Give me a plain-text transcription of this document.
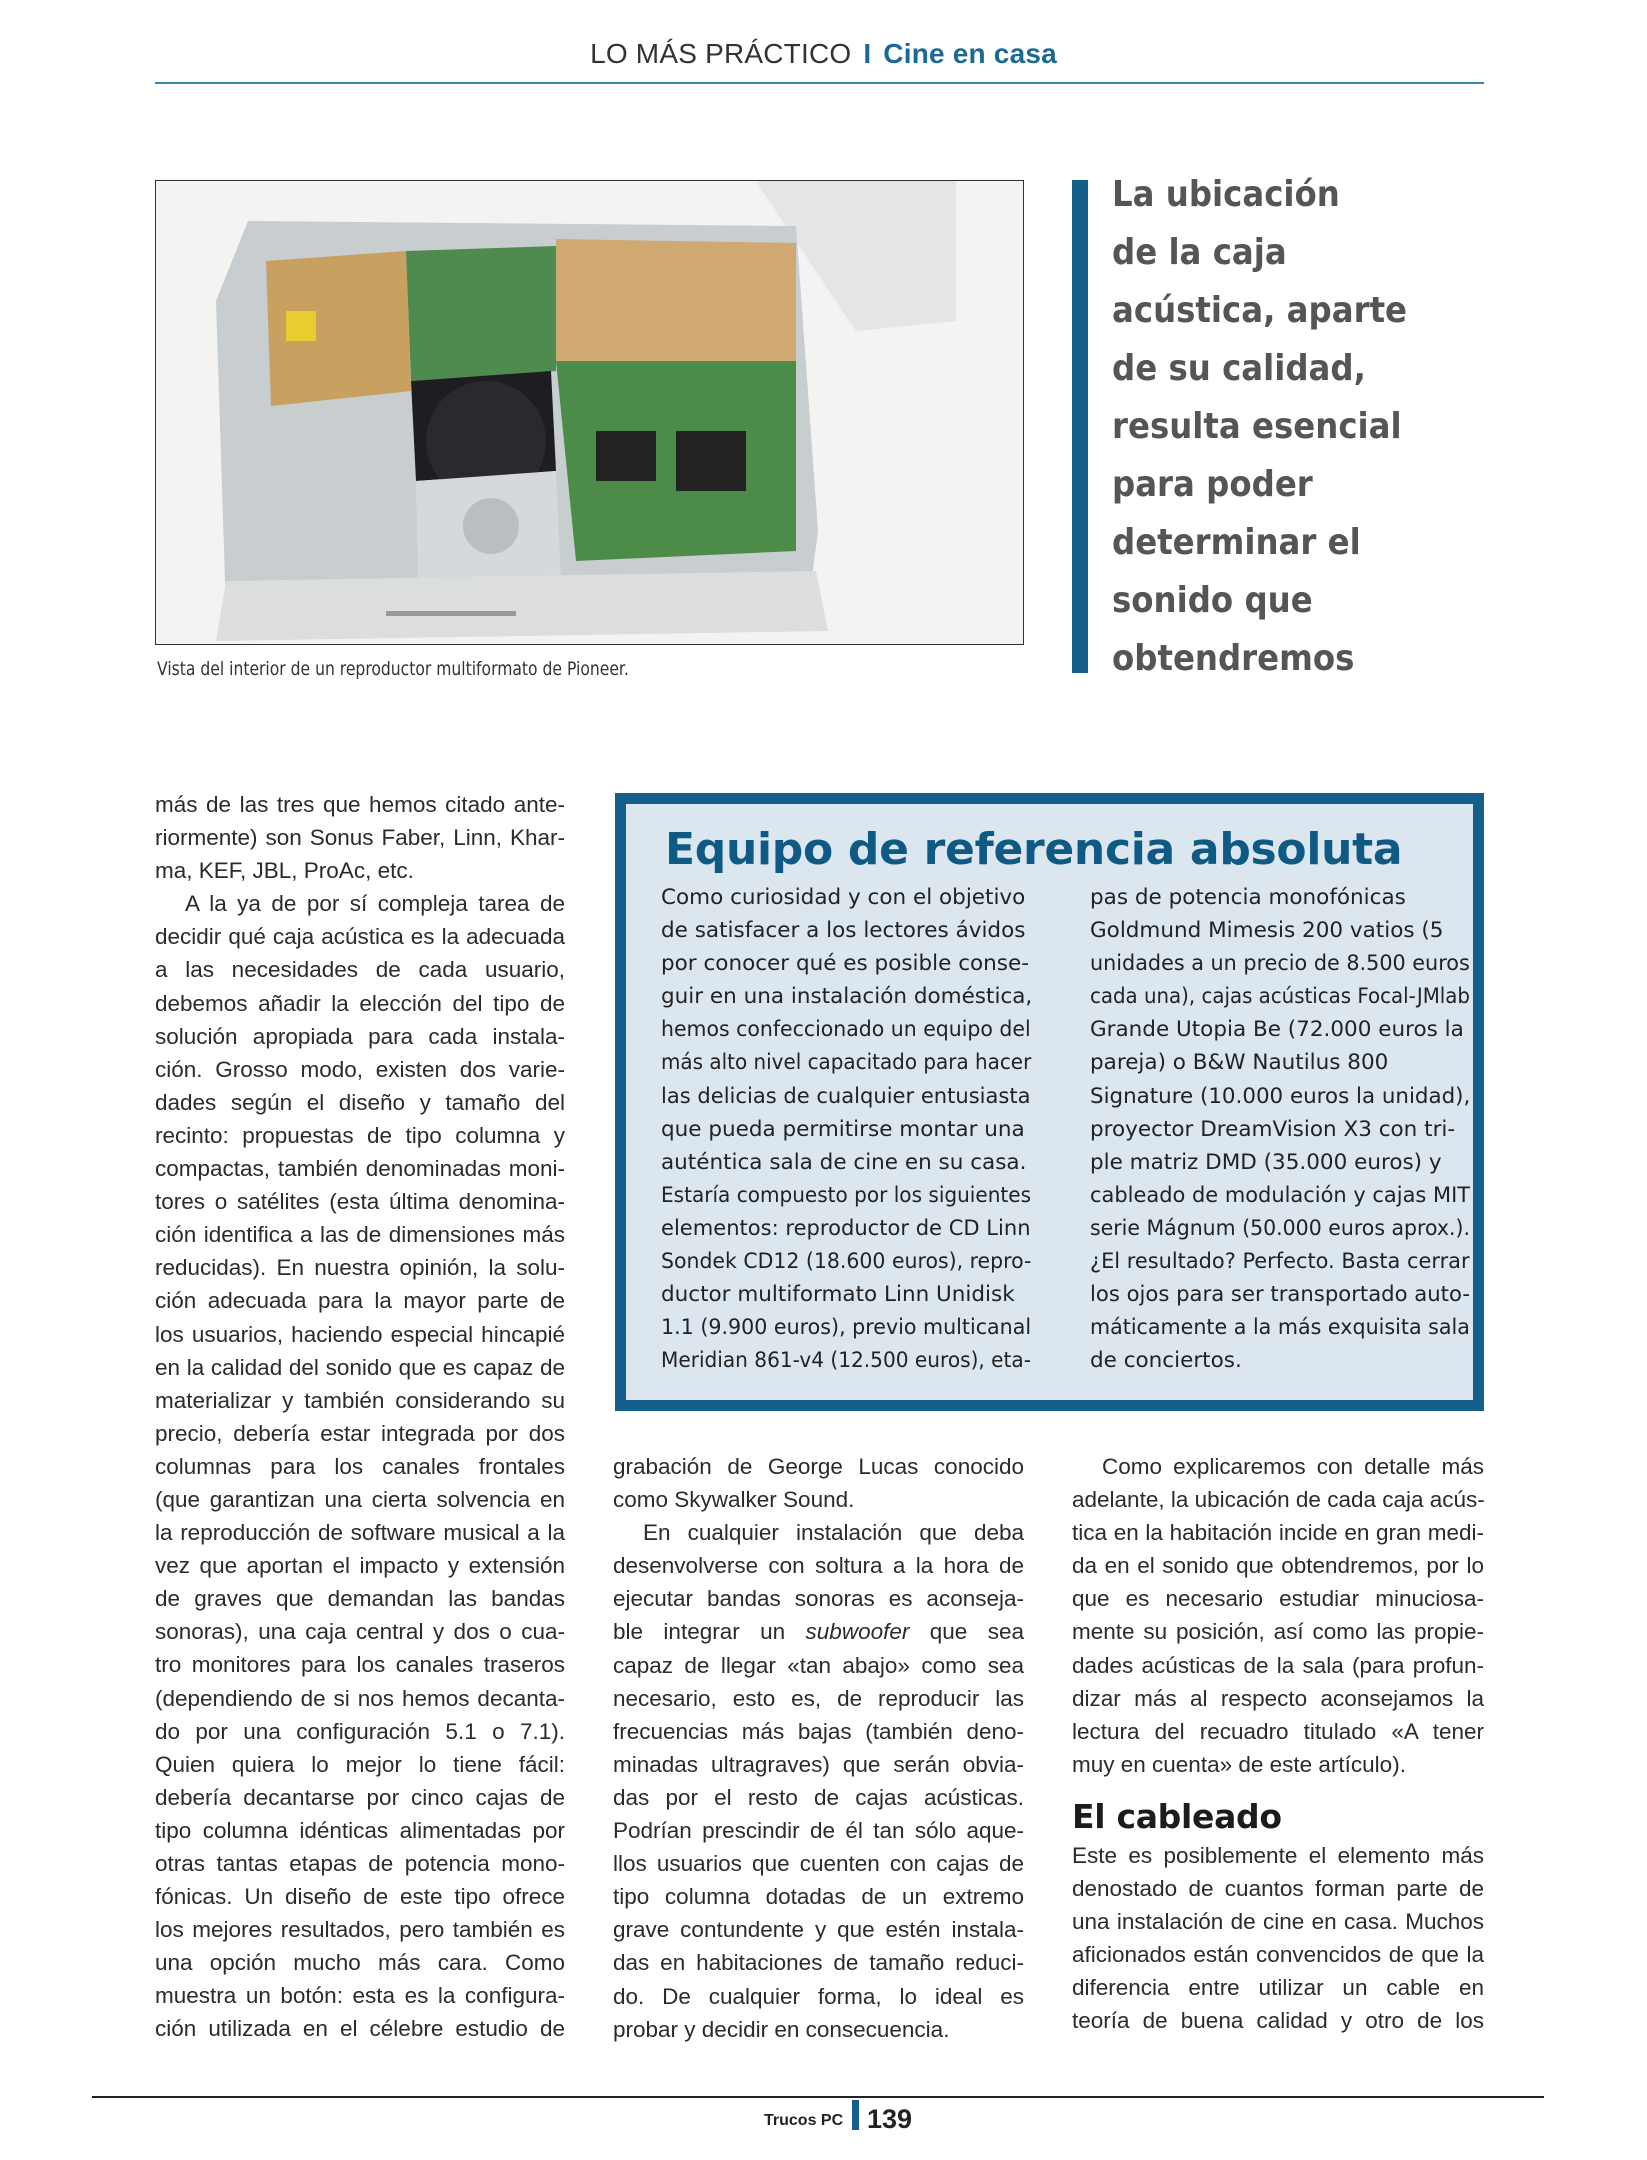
LO MÁS PRÁCTICO I Cine en casa
Vista del interior de un reproductor multiformato de Pioneer.
La ubicación
de la caja
acústica, aparte
de su calidad,
resulta esencial
para poder
determinar el
sonido que
obtendremos
más de las tres que hemos citado ante-
riormente) son Sonus Faber, Linn, Khar-
ma, KEF, JBL, ProAc, etc.
A la ya de por sí compleja tarea de
decidir qué caja acústica es la adecuada
a las necesidades de cada usuario,
debemos añadir la elección del tipo de
solución apropiada para cada instala-
ción. Grosso modo, existen dos varie-
dades según el diseño y tamaño del
recinto: propuestas de tipo columna y
compactas, también denominadas moni-
tores o satélites (esta última denomina-
ción identifica a las de dimensiones más
reducidas). En nuestra opinión, la solu-
ción adecuada para la mayor parte de
los usuarios, haciendo especial hincapié
en la calidad del sonido que es capaz de
materializar y también considerando su
precio, debería estar integrada por dos
columnas para los canales frontales
(que garantizan una cierta solvencia en
la reproducción de software musical a la
vez que aportan el impacto y extensión
de graves que demandan las bandas
sonoras), una caja central y dos o cua-
tro monitores para los canales traseros
(dependiendo de si nos hemos decanta-
do por una configuración 5.1 o 7.1).
Quien quiera lo mejor lo tiene fácil:
debería decantarse por cinco cajas de
tipo columna idénticas alimentadas por
otras tantas etapas de potencia mono-
fónicas. Un diseño de este tipo ofrece
los mejores resultados, pero también es
una opción mucho más cara. Como
muestra un botón: esta es la configura-
ción utilizada en el célebre estudio de
grabación de George Lucas conocido
como Skywalker Sound.
En cualquier instalación que deba
desenvolverse con soltura a la hora de
ejecutar bandas sonoras es aconseja-
ble integrar un subwoofer que sea
capaz de llegar «tan abajo» como sea
necesario, esto es, de reproducir las
frecuencias más bajas (también deno-
minadas ultragraves) que serán obvia-
das por el resto de cajas acústicas.
Podrían prescindir de él tan sólo aque-
llos usuarios que cuenten con cajas de
tipo columna dotadas de un extremo
grave contundente y que estén instala-
das en habitaciones de tamaño reduci-
do. De cualquier forma, lo ideal es
probar y decidir en consecuencia.
Como explicaremos con detalle más
adelante, la ubicación de cada caja acús-
tica en la habitación incide en gran medi-
da en el sonido que obtendremos, por lo
que es necesario estudiar minuciosa-
mente su posición, así como las propie-
dades acústicas de la sala (para profun-
dizar más al respecto aconsejamos la
lectura del recuadro titulado «A tener
muy en cuenta» de este artículo).
El cableado
Este es posiblemente el elemento más
denostado de cuantos forman parte de
una instalación de cine en casa. Muchos
aficionados están convencidos de que la
diferencia entre utilizar un cable en
teoría de buena calidad y otro de los
Equipo de referencia absoluta
Como curiosidad y con el objetivo
de satisfacer a los lectores ávidos
por conocer qué es posible conse-
guir en una instalación doméstica,
hemos confeccionado un equipo del
más alto nivel capacitado para hacer
las delicias de cualquier entusiasta
que pueda permitirse montar una
auténtica sala de cine en su casa.
Estaría compuesto por los siguientes
elementos: reproductor de CD Linn
Sondek CD12 (18.600 euros), repro-
ductor multiformato Linn Unidisk
1.1 (9.900 euros), previo multicanal
Meridian 861-v4 (12.500 euros), eta-
pas de potencia monofónicas
Goldmund Mimesis 200 vatios (5
unidades a un precio de 8.500 euros
cada una), cajas acústicas Focal-JMlab
Grande Utopia Be (72.000 euros la
pareja) o B&W Nautilus 800
Signature (10.000 euros la unidad),
proyector DreamVision X3 con tri-
ple matriz DMD (35.000 euros) y
cableado de modulación y cajas MIT
serie Mágnum (50.000 euros aprox.).
¿El resultado? Perfecto. Basta cerrar
los ojos para ser transportado auto-
máticamente a la más exquisita sala
de conciertos.
Trucos PC 139
